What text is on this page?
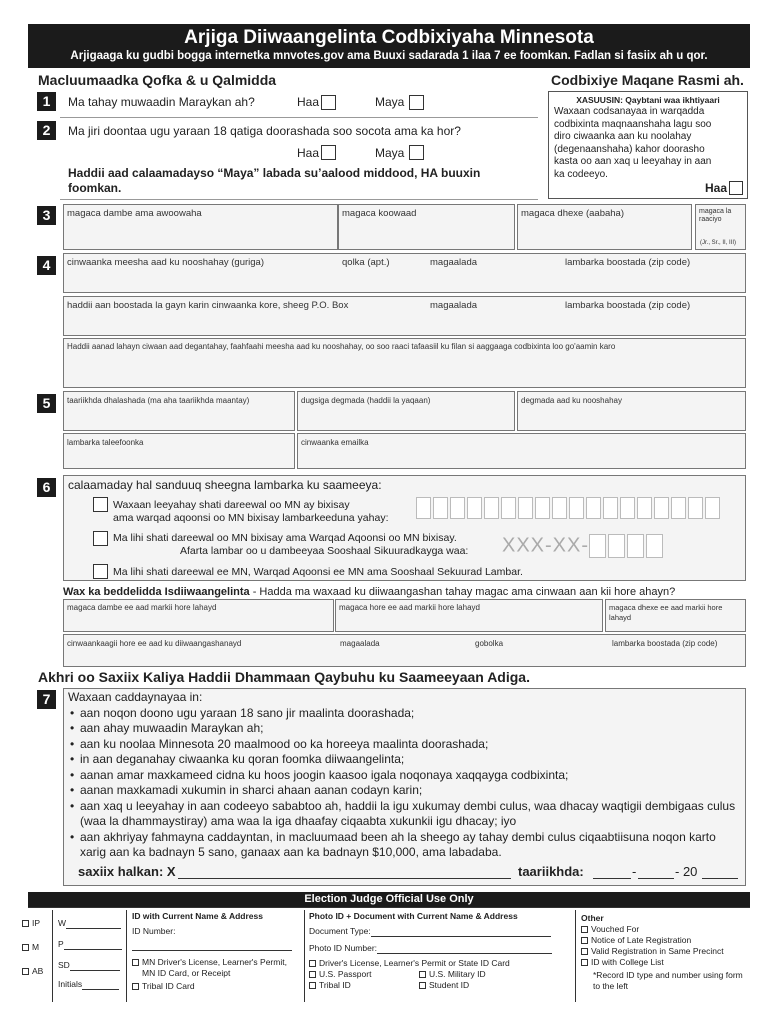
Arjiga Diiwaangelinta Codbixiyaha Minnesota
Arjigaaga ku gudbi bogga internetka mnvotes.gov ama Buuxi sadarada 1 ilaa 7 ee foomkan. Fadlan si fasiix ah u qor.
Macluumaadka Qofka & u Qalmidda	Codbixiye Maqane Rasmi ah.
1	Ma tahay muwaadin Maraykan ah?	Haa	Maya
2	Ma jiri doontaa ugu yaraan 18 qatiga doorashada soo socota ama ka hor?
Haa	Maya
Haddii aad calaamadayso “Maya” labada su’aalood middood, HA buuxin foomkan.
XASUUSIN: Qaybtani waa ikhtiyaari
Waxaan codsanayaa in warqadda codbixinta maqnaanshaha lagu soo diro ciwaanka aan ku noolahay (degenaanshaha) kahor doorasho kasta oo aan xaq u leeyahay in aan ka codeeyo.
Haa
3	magaca dambe ama awoowaha	magaca koowaad	magaca dhexe (aabaha)	magaca la raaciyo
(Jr., Sr., II, III)
4	cinwaanka meesha aad ku nooshahay (guriga)	qolka (apt.)	magaalada	lambarka boostada (zip code)
haddii aan boostada la gayn karin cinwaanka kore, sheeg P.O. Box	magaalada	lambarka boostada (zip code)
Haddii aanad lahayn ciwaan aad degantahay, faahfaahi meesha aad ku nooshahay, oo soo raaci tafaasiil ku filan si aaggaaga codbixinta loo go'aamin karo
5	taariikhda dhalashada (ma aha taariikhda maantay)	dugsiga degmada (haddii la yaqaan)	degmada aad ku nooshahay
lambarka taleefoonka	cinwaanka emailka
6	calaamaday hal sanduuq sheegna lambarka ku saameeya:
Waxaan leeyahay shati dareewal oo MN ay bixisay
ama warqad aqoonsi oo MN bixisay lambarkeeduna yahay:
Ma lihi shati dareewal oo MN bixisay ama Warqad Aqoonsi oo MN bixisay.
Afarta lambar oo u dambeeyaa Sooshaal Sikuuradkayga waa: XXX-XX-
Ma lihi shati dareewal ee MN, Warqad Aqoonsi ee MN ama Sooshaal Sekuurad Lambar.
Wax ka beddelidda Isdiiwaangelinta - Hadda ma waxaad ku diiwaangashan tahay magac ama cinwaan aan kii hore ahayn?
magaca dambe ee aad markii hore lahayd	magaca hore ee aad markii hore lahayd	magaca dhexe ee aad markii hore lahayd
cinwaankaagii hore ee aad ku diiwaangashanayd	magaalada	gobolka	lambarka boostada (zip code)
Akhri oo Saxiix Kaliya Haddii Dhammaan Qaybuhu ku Saameeyaan Adiga.
7	Waxaan caddaynayaa in:
• aan noqon doono ugu yaraan 18 sano jir maalinta doorashada;
• aan ahay muwaadin Maraykan ah;
• aan ku noolaa Minnesota 20 maalmood oo ka horeeya maalinta doorashada;
• in aan deganahay ciwaanka ku qoran foomka diiwaangelinta;
• aanan amar maxkameed cidna ku hoos joogin kaasoo igala noqonaya xaqqayga codbixinta;
• aanan maxkamadi xukumin in sharci ahaan aanan codayn karin;
• aan xaq u leeyahay in aan codeeyo sababtoo ah, haddii la igu xukumay dembi culus, waa dhacay waqtigii dembigaas culus (waa la dhammaystiray) ama waa la iga dhaafay ciqaabta xukunkii igu dhacay; iyo
• aan akhriyay fahmayna caddayntan, in macluumaad been ah la sheego ay tahay dembi culus ciqaabtiisuna noqon karto xarig aan ka badnayn 5 sano, ganaax aan ka badnayn $10,000, ama labadaba.
saxiix halkan: X	taariikhda:	-	- 20
Election Judge Official Use Only
IP
M
AB
W
P
SD
Initials
ID with Current Name & Address
ID Number:
MN Driver's License, Learner's Permit, MN ID Card, or Receipt
Tribal ID Card
Photo ID + Document with Current Name & Address
Document Type:
Photo ID Number:
Driver's License, Learner's Permit or State ID Card
U.S. Passport	U.S. Military ID
Tribal ID	Student ID
Other
Vouched For
Notice of Late Registration
Valid Registration in Same Precinct
ID with College List
*Record ID type and number using form to the left
